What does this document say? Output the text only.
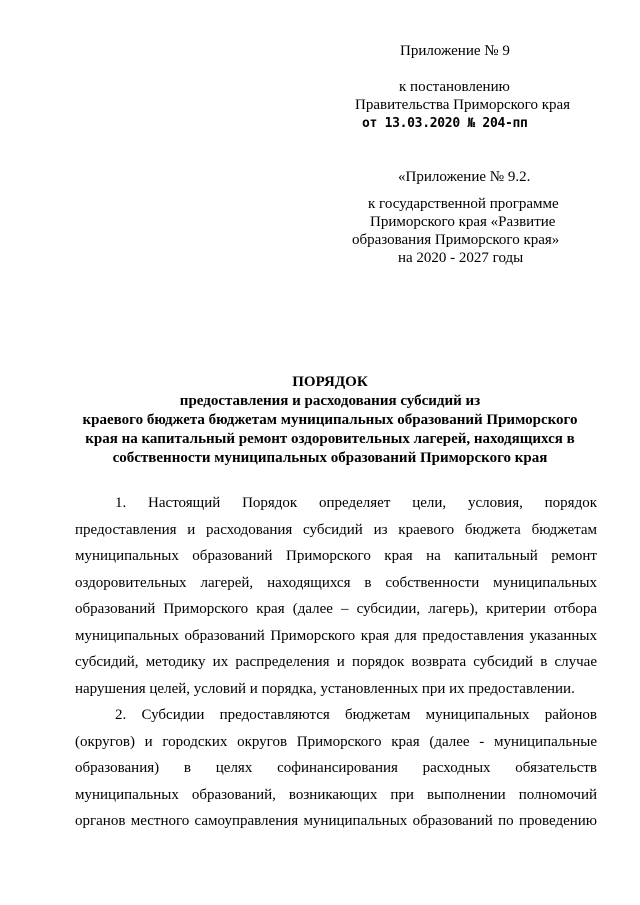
Приложение № 9
к постановлению
Правительства Приморского края
от 13.03.2020 № 204-пп
«Приложение № 9.2.
к государственной программе
Приморского края «Развитие
образования Приморского края»
на 2020 - 2027 годы
ПОРЯДОК
предоставления и расходования субсидий из
краевого бюджета бюджетам муниципальных образований Приморского
края на капитальный ремонт оздоровительных лагерей, находящихся в
собственности муниципальных образований Приморского края
1. Настоящий Порядок определяет цели, условия, порядок
предоставления и расходования субсидий из краевого бюджета бюджетам
муниципальных образований Приморского края на капитальный ремонт
оздоровительных лагерей, находящихся в собственности муниципальных
образований Приморского края (далее – субсидии, лагерь), критерии отбора
муниципальных образований Приморского края для предоставления указанных
субсидий, методику их распределения и порядок возврата субсидий в случае
нарушения целей, условий и порядка, установленных при их предоставлении.
2. Субсидии предоставляются бюджетам муниципальных районов
(округов) и городских округов Приморского края (далее - муниципальные
образования) в целях софинансирования расходных обязательств
муниципальных образований, возникающих при выполнении полномочий
органов местного самоуправления муниципальных образований по проведению
